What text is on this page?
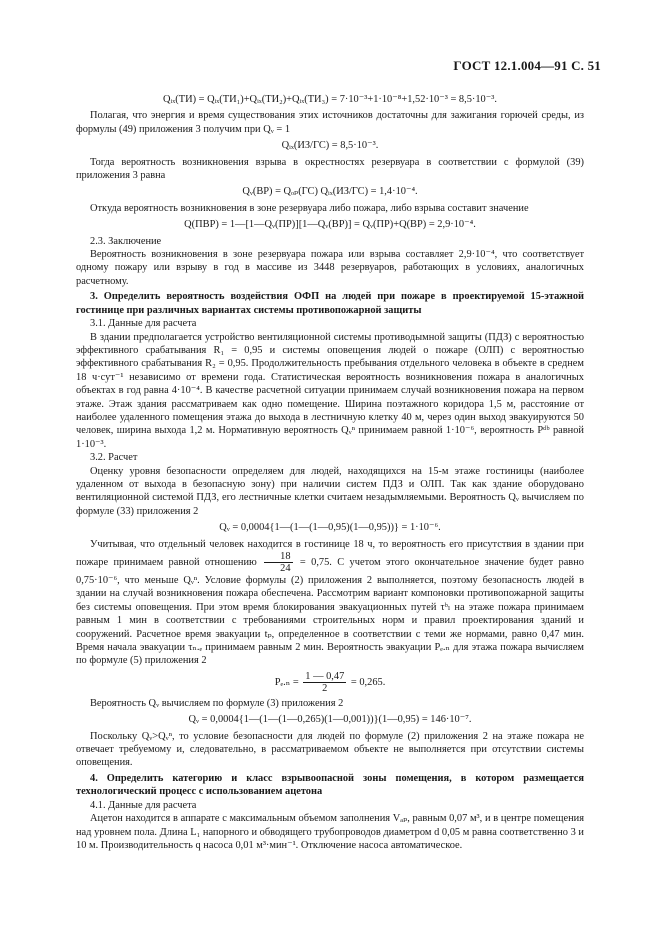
ГОСТ 12.1.004—91 С. 51

Qᵢₓ(ТИ) = Qᵢₓ(ТИ₁)+Qᵢₓ(ТИ₂)+Qᵢₓ(ТИ₃) = 7·10⁻³+1·10⁻⁸+1,52·10⁻³ = 8,5·10⁻³.

Полагая, что энергия и время существования этих источников достаточны для зажигания горючей среды, из формулы (49) приложения 3 получим при Qᵥ = 1

Qᵢₓ(ИЗ/ГС) = 8,5·10⁻³.

Тогда вероятность возникновения взрыва в окрестностях резервуара в соответствии с формулой (39) приложения 3 равна

Qᵥ(ВР) = Qₒₚ(ГС) Qᵢₓ(ИЗ/ГС) = 1,4·10⁻⁴.

Откуда вероятность возникновения в зоне резервуара либо пожара, либо взрыва составит значение

Q(ПВР) = 1—[1—Qᵥ(ПР)][1—Qᵥ(ВР)] = Qᵥ(ПР)+Q(ВР) = 2,9·10⁻⁴.

2.3. Заключение

Вероятность возникновения в зоне резервуара пожара или взрыва составляет 2,9·10⁻⁴, что соответствует одному пожару или взрыву в год в массиве из 3448 резервуаров, работающих в условиях, аналогичных расчетному.

3. Определить вероятность воздействия ОФП на людей при пожаре в проектируемой 15-этажной гостинице при различных вариантах системы противопожарной защиты

3.1. Данные для расчета

В здании предполагается устройство вентиляционной системы противодымной защиты (ПДЗ) с вероятностью эффективного срабатывания R₁ = 0,95 и системы оповещения людей о пожаре (ОЛП) с вероятностью эффективного срабатывания R₂ = 0,95. Продолжительность пребывания отдельного человека в объекте в среднем 18 ч·сут⁻¹ независимо от времени года. Статистическая вероятность возникновения пожара в аналогичных объектах в год равна 4·10⁻⁴. В качестве расчетной ситуации принимаем случай возникновения пожара на первом этаже. Этаж здания рассматриваем как одно помещение. Ширина поэтажного коридора 1,5 м, расстояние от наиболее удаленного помещения этажа до выхода в лестничную клетку 40 м, через один выход эвакуируются 50 человек, ширина выхода 1,2 м. Нормативную вероятность Qᵥⁿ принимаем равной 1·10⁻⁶, вероятность Pᵈᵇ равной 1·10⁻³.

3.2. Расчет

Оценку уровня безопасности определяем для людей, находящихся на 15-м этаже гостиницы (наиболее удаленном от выхода в безопасную зону) при наличии систем ПДЗ и ОЛП. Так как здание оборудовано вентиляционной системой ПДЗ, его лестничные клетки считаем незадымляемыми. Вероятность Qᵥ вычисляем по формуле (33) приложения 2

Qᵥ = 0,0004{1—(1—(1—0,95)(1—0,95))} = 1·10⁻⁶.

Учитывая, что отдельный человек находится в гостинице 18 ч, то вероятность его присутствия в здании при пожаре принимаем равной отношению $\frac{18}{24} = 0,75$. С учетом этого окончательное значение будет равно 0,75·10⁻⁶, что меньше Qᵥⁿ. Условие формулы (2) приложения 2 выполняется, поэтому безопасность людей в здании на случай возникновения пожара обеспечена. Рассмотрим вариант компоновки противопожарной защиты без системы оповещения. При этом время блокирования эвакуационных путей τᵇₗ на этаже пожара принимаем равным 1 мин в соответствии с требованиями строительных норм и правил проектирования зданий и сооружений. Расчетное время эвакуации tₚ, определенное в соответствии с теми же нормами, равно 0,47 мин. Время начала эвакуации τₙ.ₑ принимаем равным 2 мин. Вероятность эвакуации Pₑ.ₙ для этажа пожара вычисляем по формуле (5) приложения 2

$P_e._n = \frac{1 — 0,47}{2} = 0,265$.

Вероятность Qᵥ вычисляем по формуле (3) приложения 2

Qᵥ = 0,0004{1—(1—(1—0,265)(1—0,001))}(1—0,95) = 146·10⁻⁷.

Поскольку Qᵥ>Qᵥⁿ, то условие безопасности для людей по формуле (2) приложения 2 на этаже пожара не отвечает требуемому и, следовательно, в рассматриваемом объекте не выполняется при отсутствии системы оповещения.

4. Определить категорию и класс взрывоопасной зоны помещения, в котором размещается технологический процесс с использованием ацетона

4.1. Данные для расчета

Ацетон находится в аппарате с максимальным объемом заполнения Vₐₚ, равным 0,07 м³, и в центре помещения над уровнем пола. Длина L₁ напорного и обводящего трубопроводов диаметром d 0,05 м равна соответственно 3 и 10 м. Производительность q насоса 0,01 м³·мин⁻¹. Отключение насоса автоматическое.
